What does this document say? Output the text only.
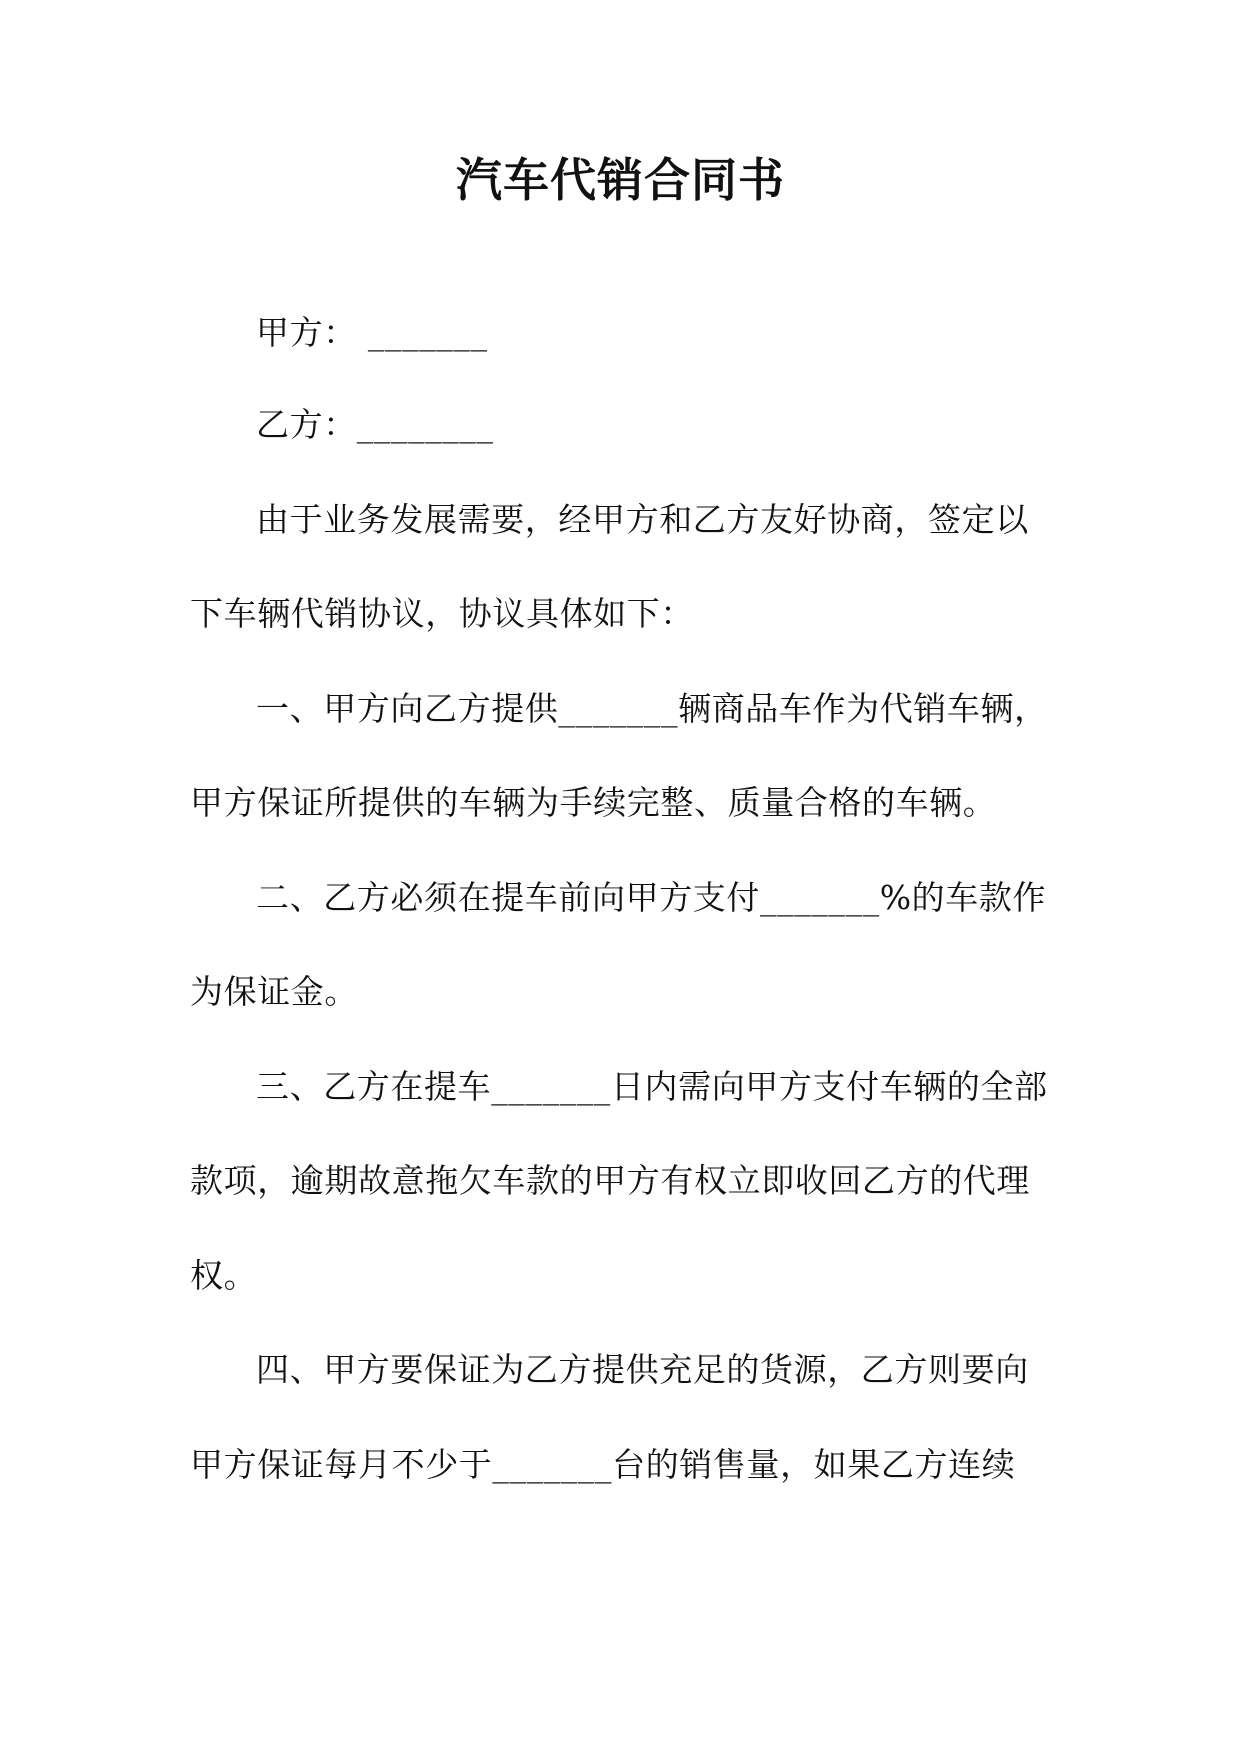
汽车代销合同书
甲方： _______
乙方：________
由于业务发展需要，经甲方和乙方友好协商，签定以
下车辆代销协议，协议具体如下：
一、甲方向乙方提供_______辆商品车作为代销车辆，
甲方保证所提供的车辆为手续完整、质量合格的车辆。
二、乙方必须在提车前向甲方支付_______%的车款作
为保证金。
三、乙方在提车_______日内需向甲方支付车辆的全部
款项，逾期故意拖欠车款的甲方有权立即收回乙方的代理
权。
四、甲方要保证为乙方提供充足的货源，乙方则要向
甲方保证每月不少于_______台的销售量，如果乙方连续
